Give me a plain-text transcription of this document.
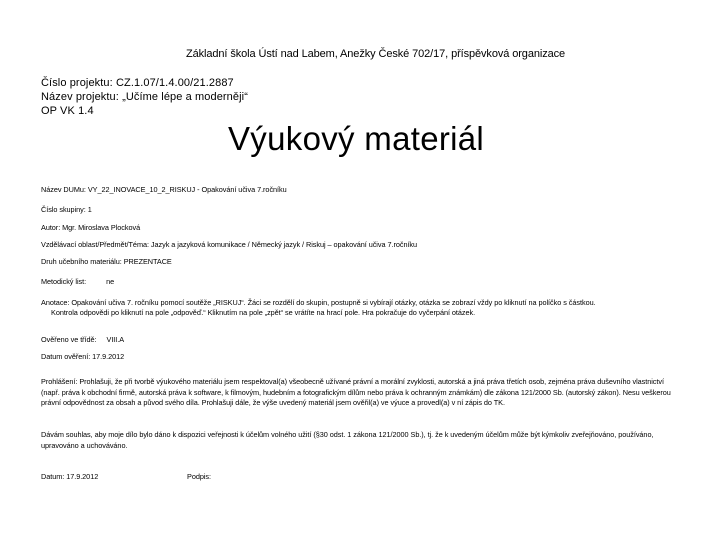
Základní škola Ústí nad Labem, Anežky České 702/17, příspěvková organizace
Číslo projektu: CZ.1.07/1.4.00/21.2887
Název projektu: „Učíme lépe a moderněji“
OP VK 1.4
Výukový materiál
Název DUMu: VY_22_INOVACE_10_2_RISKUJ - Opakování učiva 7.ročníku
Číslo skupiny: 1
Autor: Mgr. Miroslava Plocková
Vzdělávací oblast/Předmět/Téma: Jazyk a jazyková komunikace / Německý jazyk / Riskuj – opakování učiva 7.ročníku
Druh učebního materiálu: PREZENTACE
Metodický list:	ne
Anotace: Opakování učiva 7. ročníku pomocí soutěže „RISKUJ“. Žáci se rozdělí do skupin, postupně si vybírají otázky, otázka se zobrazí vždy po kliknutí na políčko s částkou.
Kontrola odpovědi po kliknutí na pole „odpověď.“ Kliknutím na pole „zpět“ se vrátíte na hrací pole. Hra pokračuje do vyčerpání otázek.
Ověřeno ve třídě: VIII.A
Datum ověření: 17.9.2012
Prohlášení: Prohlašuji, že při tvorbě výukového materiálu jsem respektoval(a) všeobecně užívané právní a morální zvyklosti, autorská a jiná práva třetích osob, zejména práva duševního vlastnictví (např. práva k obchodní firmě, autorská práva k software, k filmovým, hudebním a fotografickým dílům nebo práva k ochranným známkám) dle zákona 121/2000 Sb. (autorský zákon). Nesu veškerou právní odpovědnost za obsah a původ svého díla. Prohlašuji dále, že výše uvedený materiál jsem ověřil(a) ve výuce a provedl(a) v ní zápis do TK.
Dávám souhlas, aby moje dílo bylo dáno k dispozici veřejnosti k účelům volného užití (§30 odst. 1 zákona 121/2000 Sb.), tj. že k uvedeným účelům může být kýmkoliv zveřejňováno, používáno, upravováno a uchováváno.
Datum: 17.9.2012	Podpis:
